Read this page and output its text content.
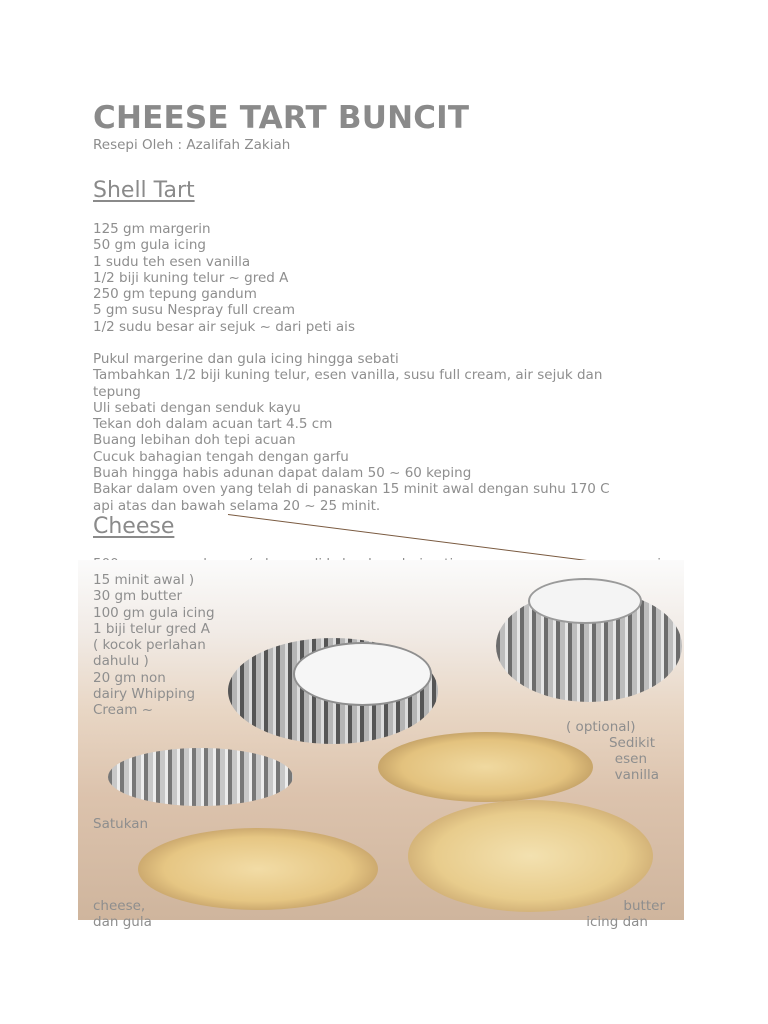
CHEESE TART BUNCIT
Resepi Oleh : Azalifah Zakiah
Shell Tart
125 gm margerin
50 gm gula icing
1 sudu teh esen vanilla
1/2 biji kuning telur ~ gred A
250 gm tepung gandum
5 gm susu Nespray full cream
1/2 sudu besar air sejuk ~ dari peti ais
Pukul margerine dan gula icing hingga sebati
Tambahkan 1/2 biji kuning telur, esen vanilla, susu full cream, air sejuk dan
tepung
Uli sebati dengan senduk kayu
Tekan doh dalam acuan tart 4.5 cm
Buang lebihan doh tepi acuan
Cucuk bahagian tengah dengan garfu
Buah hingga habis adunan dapat dalam 50 ~ 60 keping
Bakar dalam oven yang telah di panaskan 15 minit awal dengan suhu 170 C
api atas dan bawah selama 20 ~ 25 minit.
Cheese
15 minit awal )
30 gm butter
100 gm gula icing
1 biji telur gred A
( kocok perlahan
dahulu )
20 gm non
dairy Whipping
Cream ~
( optional)
Sedikit
esen
vanilla
Satukan
cheese,
dan gula
butter
icing dan
